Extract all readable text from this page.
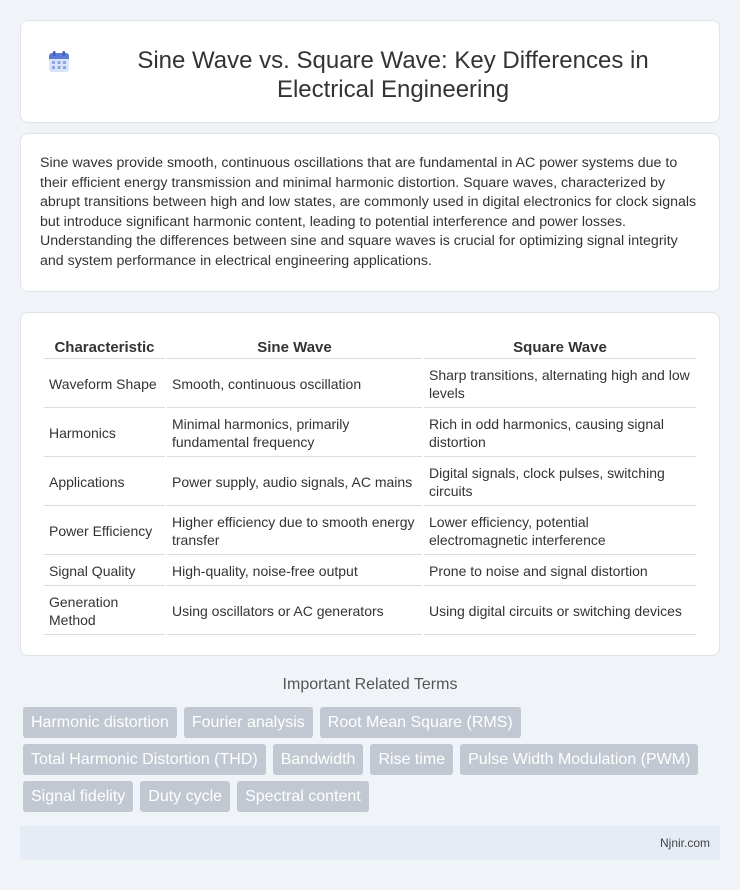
Sine Wave vs. Square Wave: Key Differences in Electrical Engineering

Sine waves provide smooth, continuous oscillations that are fundamental in AC power systems due to their efficient energy transmission and minimal harmonic distortion. Square waves, characterized by abrupt transitions between high and low states, are commonly used in digital electronics for clock signals but introduce significant harmonic content, leading to potential interference and power losses. Understanding the differences between sine and square waves is crucial for optimizing signal integrity and system performance in electrical engineering applications.

Characteristic	Sine Wave	Square Wave
Waveform Shape	Smooth, continuous oscillation	Sharp transitions, alternating high and low levels
Harmonics	Minimal harmonics, primarily fundamental frequency	Rich in odd harmonics, causing signal distortion
Applications	Power supply, audio signals, AC mains	Digital signals, clock pulses, switching circuits
Power Efficiency	Higher efficiency due to smooth energy transfer	Lower efficiency, potential electromagnetic interference
Signal Quality	High-quality, noise-free output	Prone to noise and signal distortion
Generation Method	Using oscillators or AC generators	Using digital circuits or switching devices
Important Related Terms
Harmonic distortion	Fourier analysis	Root Mean Square (RMS)
Total Harmonic Distortion (THD)	Bandwidth	Rise time	Pulse Width Modulation (PWM)
Signal fidelity	Duty cycle	Spectral content
Njnir.com
